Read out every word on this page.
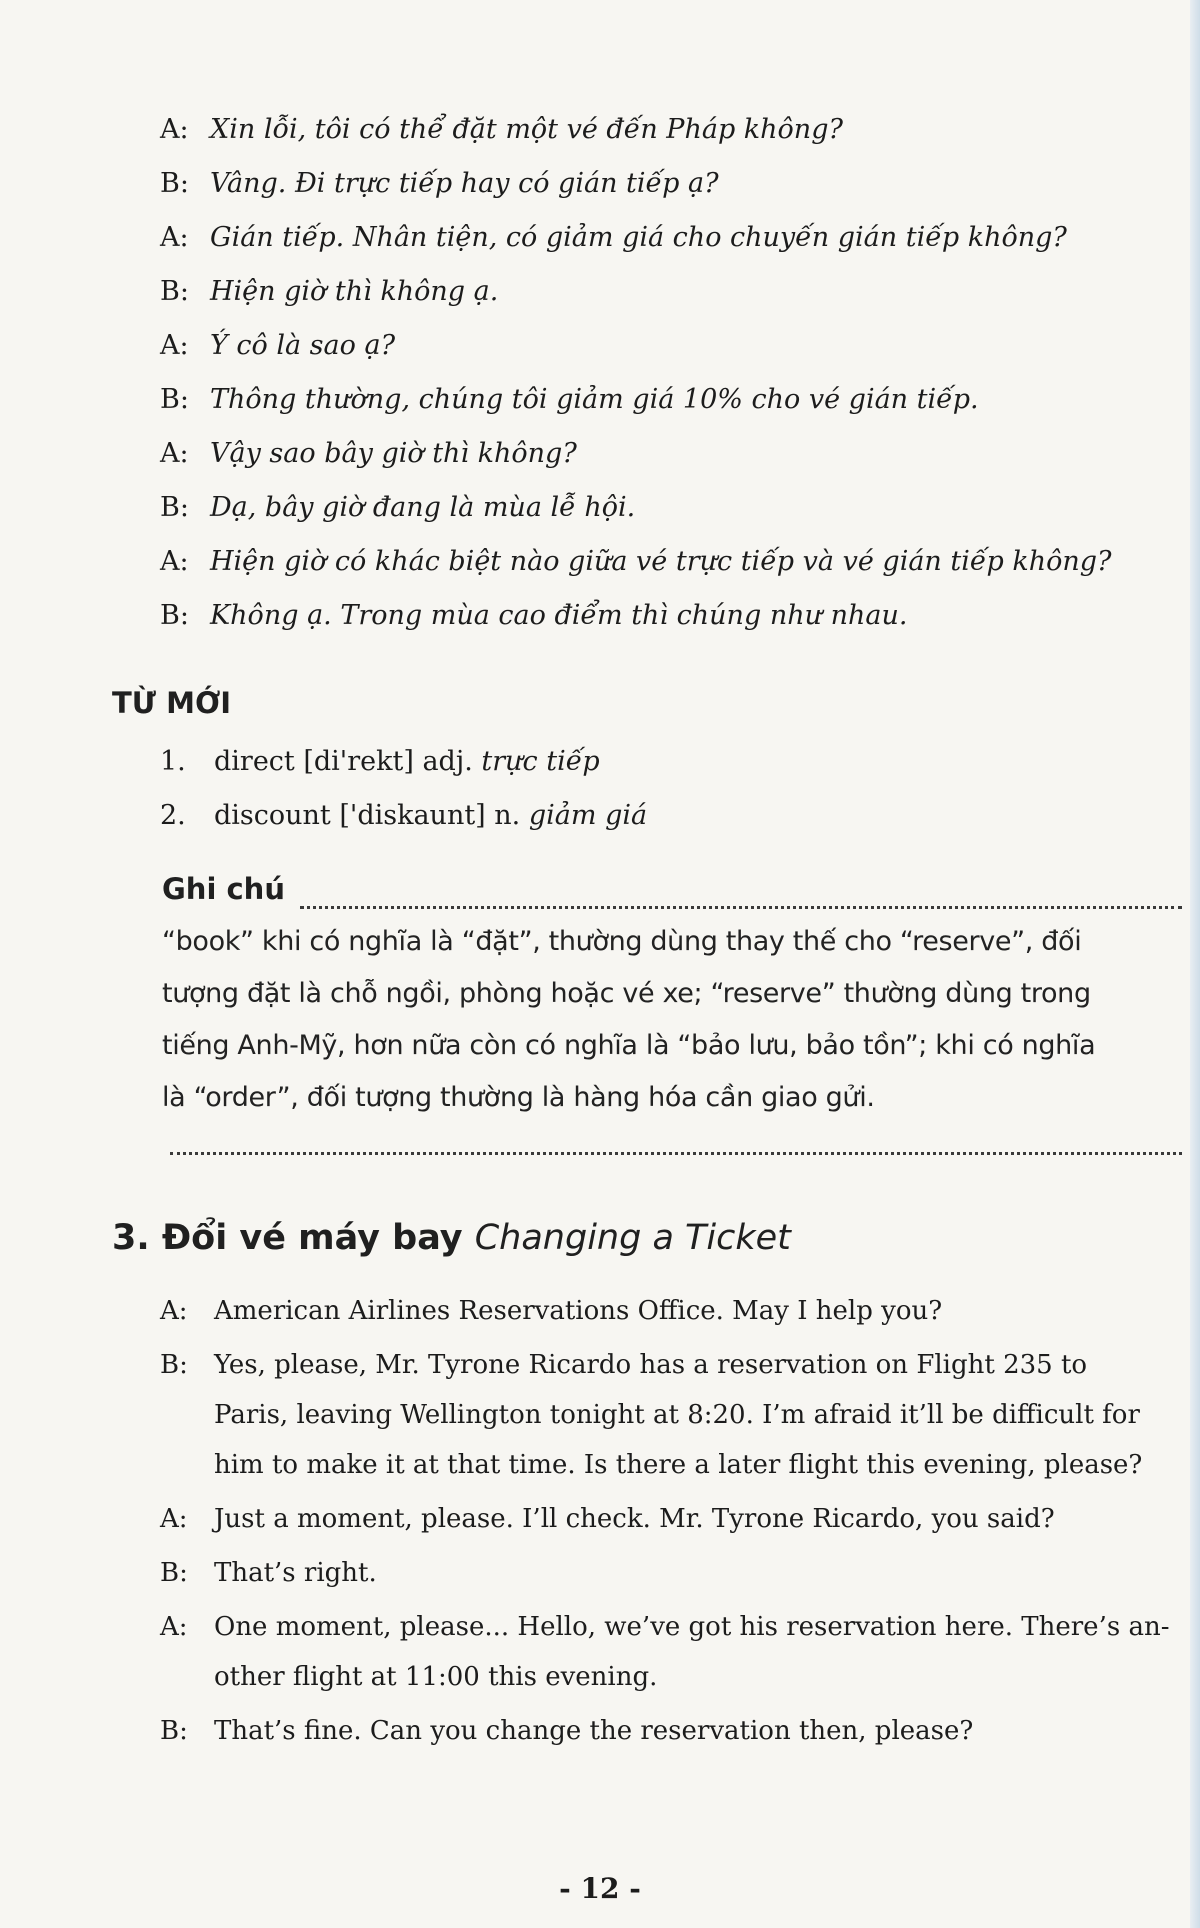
A: Xin lỗi, tôi có thể đặt một vé đến Pháp không?
B: Vâng. Đi trực tiếp hay có gián tiếp ạ?
A: Gián tiếp. Nhân tiện, có giảm giá cho chuyến gián tiếp không?
B: Hiện giờ thì không ạ.
A: Ý cô là sao ạ?
B: Thông thường, chúng tôi giảm giá 10% cho vé gián tiếp.
A: Vậy sao bây giờ thì không?
B: Dạ, bây giờ đang là mùa lễ hội.
A: Hiện giờ có khác biệt nào giữa vé trực tiếp và vé gián tiếp không?
B: Không ạ. Trong mùa cao điểm thì chúng như nhau.
TỪ MỚI
1. direct [di'rekt] adj. trực tiếp
2. discount ['diskaunt] n. giảm giá
Ghi chú
“book” khi có nghĩa là “đặt”, thường dùng thay thế cho “reserve”, đối
tượng đặt là chỗ ngồi, phòng hoặc vé xe; “reserve” thường dùng trong
tiếng Anh-Mỹ, hơn nữa còn có nghĩa là “bảo lưu, bảo tồn”; khi có nghĩa
là “order”, đối tượng thường là hàng hóa cần giao gửi.
3. Đổi vé máy bay Changing a Ticket
A: American Airlines Reservations Office. May I help you?
B: Yes, please, Mr. Tyrone Ricardo has a reservation on Flight 235 to
Paris, leaving Wellington tonight at 8:20. I’m afraid it’ll be difficult for
him to make it at that time. Is there a later flight this evening, please?
A: Just a moment, please. I’ll check. Mr. Tyrone Ricardo, you said?
B: That’s right.
A: One moment, please... Hello, we’ve got his reservation here. There’s an-
other flight at 11:00 this evening.
B: That’s fine. Can you change the reservation then, please?
- 12 -
